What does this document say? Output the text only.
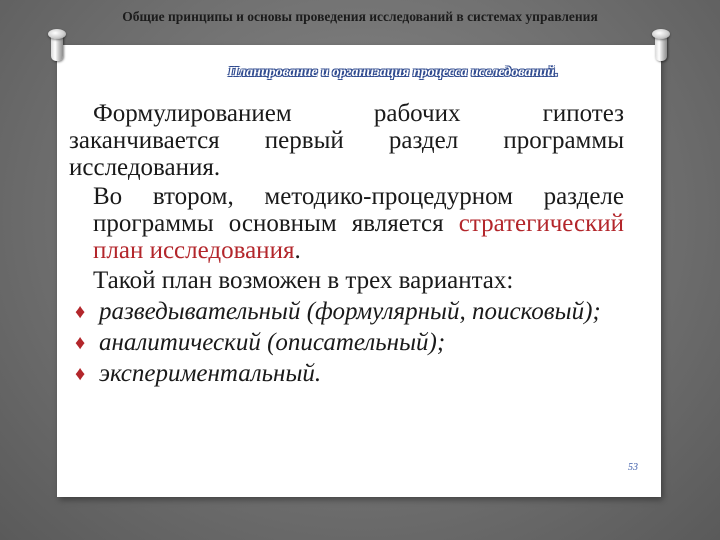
Общие принципы и основы проведения исследований в системах управления
Планирование и организация процесса исследований.
Формулированием рабочих гипотез заканчивается первый раздел программы исследования.
Во втором, методико-процедурном разделе программы основным является стратегический план исследования.
Такой план возможен в трех вариантах:
♦ разведывательный (формулярный, поисковый);
♦ аналитический (описательный);
♦ экспериментальный.
53
